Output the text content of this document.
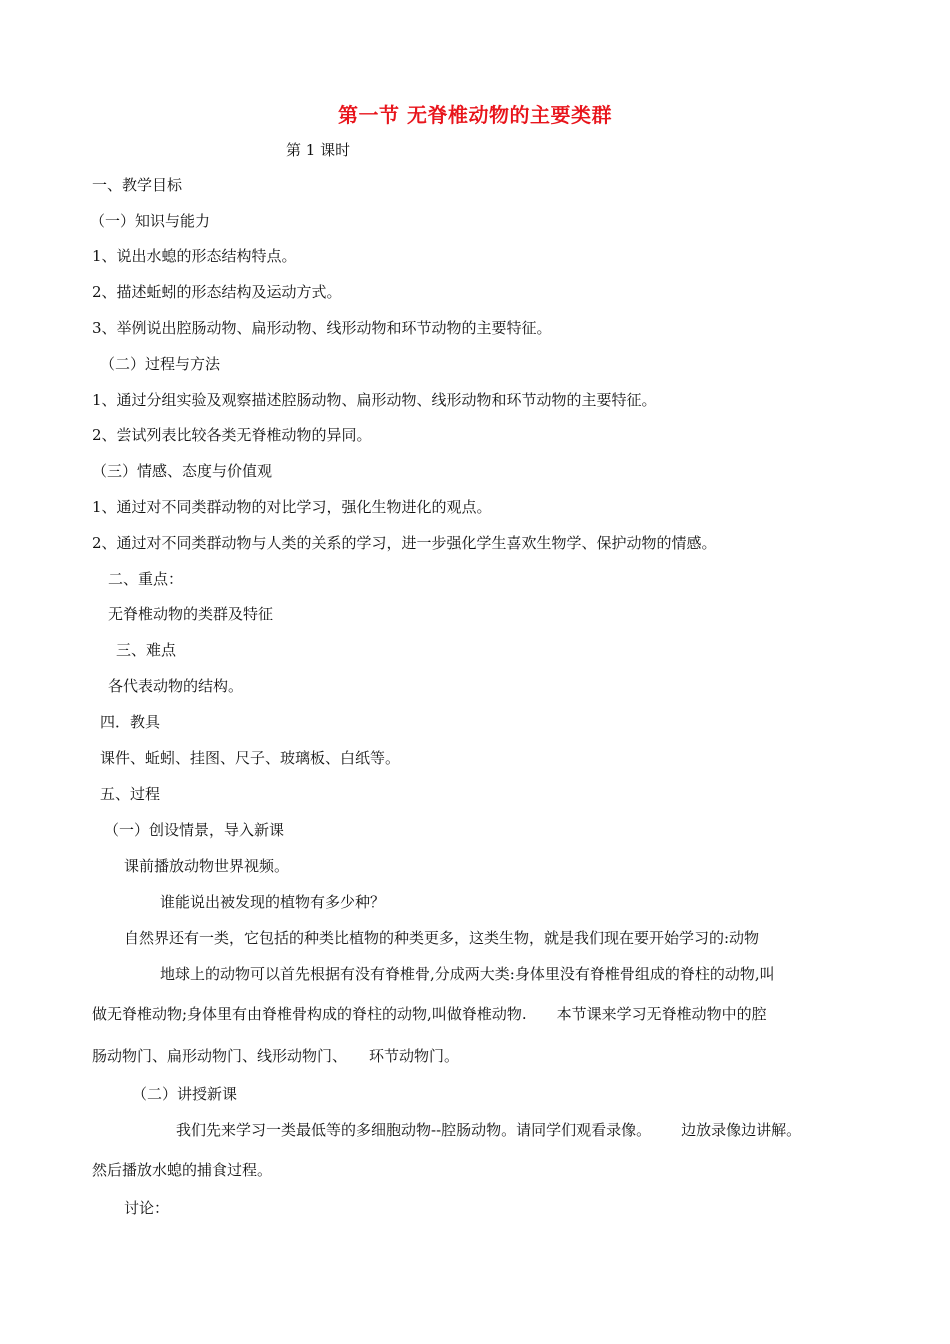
第一节 无脊椎动物的主要类群

第 1 课时

一、教学目标

（一）知识与能力

1、说出水螅的形态结构特点。

2、描述蚯蚓的形态结构及运动方式。

3、举例说出腔肠动物、扁形动物、线形动物和环节动物的主要特征。

（二）过程与方法

1、通过分组实验及观察描述腔肠动物、扁形动物、线形动物和环节动物的主要特征。

2、尝试列表比较各类无脊椎动物的异同。

（三）情感、态度与价值观

1、通过对不同类群动物的对比学习，强化生物进化的观点。

2、通过对不同类群动物与人类的关系的学习，进一步强化学生喜欢生物学、保护动物的情感。

二、重点：

无脊椎动物的类群及特征

三、难点

各代表动物的结构。

四．教具

课件、蚯蚓、挂图、尺子、玻璃板、白纸等。

五、过程

（一）创设情景，导入新课

课前播放动物世界视频。

谁能说出被发现的植物有多少种？

自然界还有一类，它包括的种类比植物的种类更多，这类生物，就是我们现在要开始学习的:动物

地球上的动物可以首先根据有没有脊椎骨,分成两大类:身体里没有脊椎骨组成的脊柱的动物,叫

做无脊椎动物;身体里有由脊椎骨构成的脊柱的动物,叫做脊椎动物. 本节课来学习无脊椎动物中的腔

肠动物门、扁形动物门、线形动物门、 环节动物门。

（二）讲授新课

我们先来学习一类最低等的多细胞动物--腔肠动物。请同学们观看录像。 边放录像边讲解。

然后播放水螅的捕食过程。

讨论：
